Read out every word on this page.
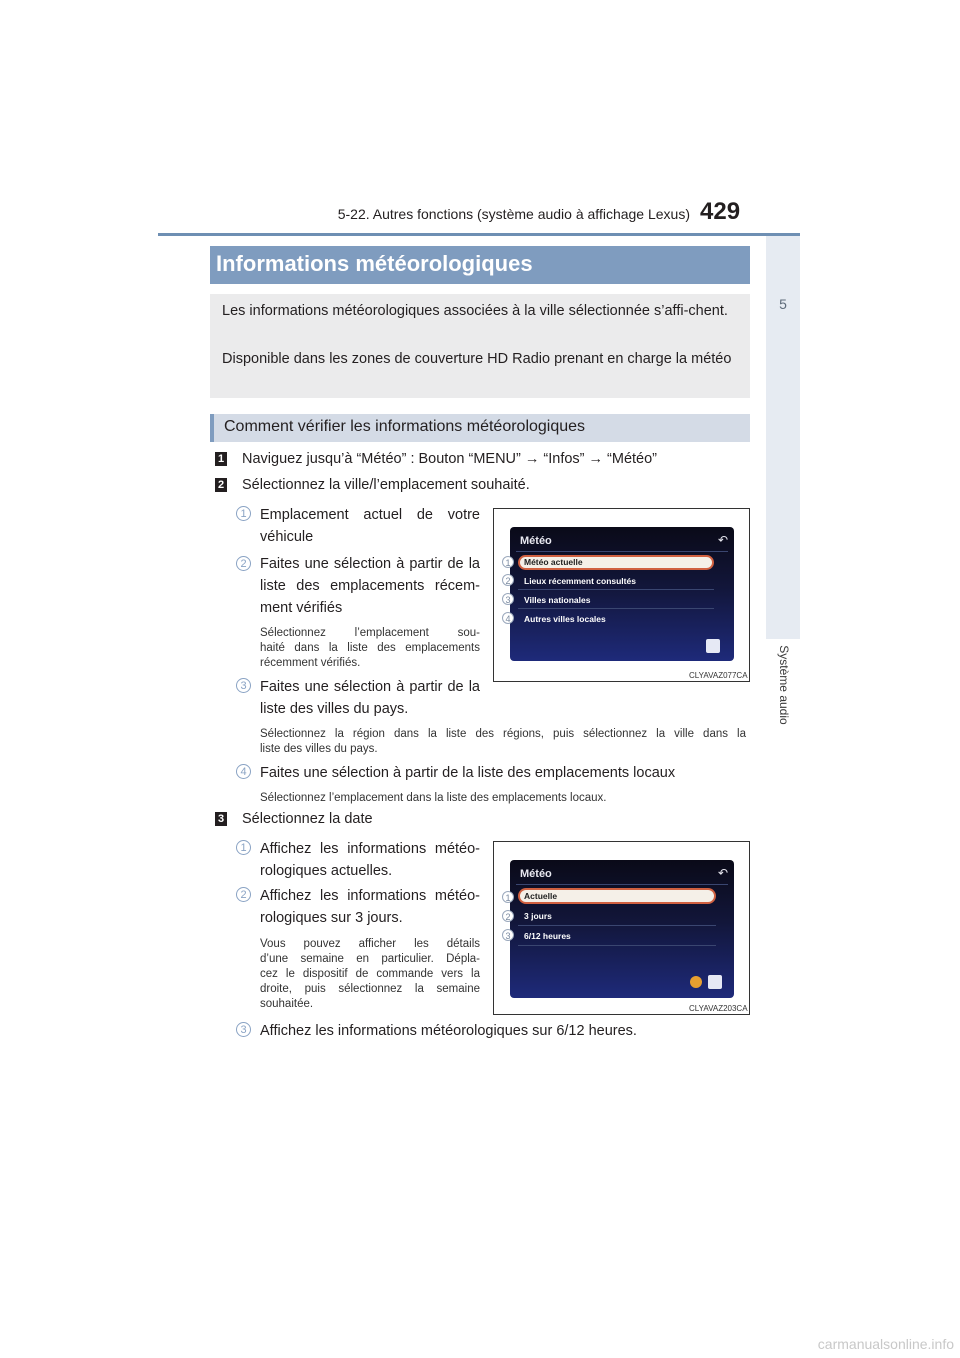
5-22. Autres fonctions (système audio à affichage Lexus) 429
5
Système audio
Informations météorologiques
Les informations météorologiques associées à la ville sélectionnée s’affi-chent.
Disponible dans les zones de couverture HD Radio prenant en charge la météo
Comment vérifier les informations météorologiques
1 Naviguez jusqu’à “Météo” : Bouton “MENU” → “Infos” → “Météo”
2 Sélectionnez la ville/l’emplacement souhaité.
1 Emplacement actuel de votre
véhicule
2 Faites une sélection à partir de la
liste des emplacements récem-
ment vérifiés
Sélectionnez l’emplacement sou-
haité dans la liste des emplacements
récemment vérifiés.
3 Faites une sélection à partir de la
liste des villes du pays.
Sélectionnez la région dans la liste des régions, puis sélectionnez la ville dans la
liste des villes du pays.
4 Faites une sélection à partir de la liste des emplacements locaux
Sélectionnez l’emplacement dans la liste des emplacements locaux.
Météo	↶
Météo actuelle
Lieux récemment consultés
Villes nationales
Autres villes locales
1
2
3
4
CLYAVAZ077CA
3 Sélectionnez la date
1 Affichez les informations météo-
rologiques actuelles.
2 Affichez les informations météo-
rologiques sur 3 jours.
Vous pouvez afficher les détails
d’une semaine en particulier. Dépla-
cez le dispositif de commande vers la
droite, puis sélectionnez la semaine
souhaitée.
3 Affichez les informations météorologiques sur 6/12 heures.
Météo	↶
Actuelle
3 jours
6/12 heures
1
2
3
CLYAVAZ203CA
carmanualsonline.info
